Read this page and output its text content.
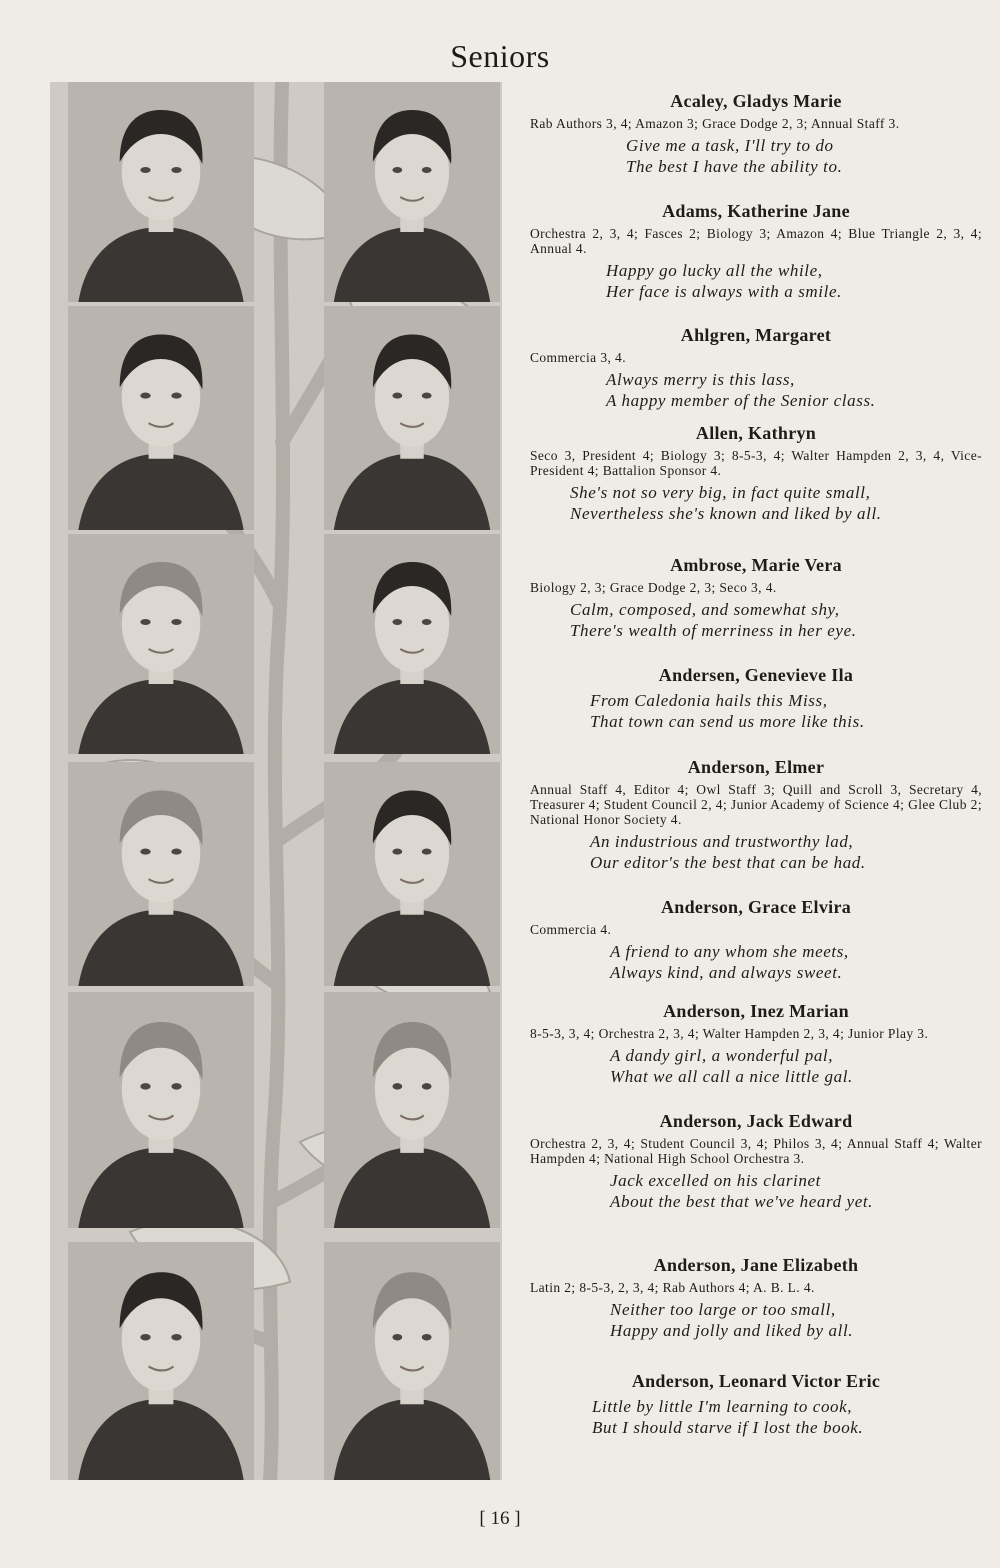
Seniors
Acaley, Gladys Marie
Rab Authors 3, 4; Amazon 3; Grace Dodge 2, 3; Annual Staff 3.
Give me a task, I'll try to do
The best I have the ability to.
Adams, Katherine Jane
Orchestra 2, 3, 4; Fasces 2; Biology 3; Amazon 4; Blue Triangle 2, 3, 4; Annual 4.
Happy go lucky all the while,
Her face is always with a smile.
Ahlgren, Margaret
Commercia 3, 4.
Always merry is this lass,
A happy member of the Senior class.
Allen, Kathryn
Seco 3, President 4; Biology 3; 8-5-3, 4; Walter Hampden 2, 3, 4, Vice-President 4; Battalion Sponsor 4.
She's not so very big, in fact quite small,
Nevertheless she's known and liked by all.
Ambrose, Marie Vera
Biology 2, 3; Grace Dodge 2, 3; Seco 3, 4.
Calm, composed, and somewhat shy,
There's wealth of merriness in her eye.
Andersen, Genevieve Ila
From Caledonia hails this Miss,
That town can send us more like this.
Anderson, Elmer
Annual Staff 4, Editor 4; Owl Staff 3; Quill and Scroll 3, Secretary 4, Treasurer 4; Student Council 2, 4; Junior Academy of Science 4; Glee Club 2; National Honor Society 4.
An industrious and trustworthy lad,
Our editor's the best that can be had.
Anderson, Grace Elvira
Commercia 4.
A friend to any whom she meets,
Always kind, and always sweet.
Anderson, Inez Marian
8-5-3, 3, 4; Orchestra 2, 3, 4; Walter Hampden 2, 3, 4; Junior Play 3.
A dandy girl, a wonderful pal,
What we all call a nice little gal.
Anderson, Jack Edward
Orchestra 2, 3, 4; Student Council 3, 4; Philos 3, 4; Annual Staff 4; Walter Hampden 4; National High School Orchestra 3.
Jack excelled on his clarinet
About the best that we've heard yet.
Anderson, Jane Elizabeth
Latin 2; 8-5-3, 2, 3, 4; Rab Authors 4; A. B. L. 4.
Neither too large or too small,
Happy and jolly and liked by all.
Anderson, Leonard Victor Eric
Little by little I'm learning to cook,
But I should starve if I lost the book.
[ 16 ]
